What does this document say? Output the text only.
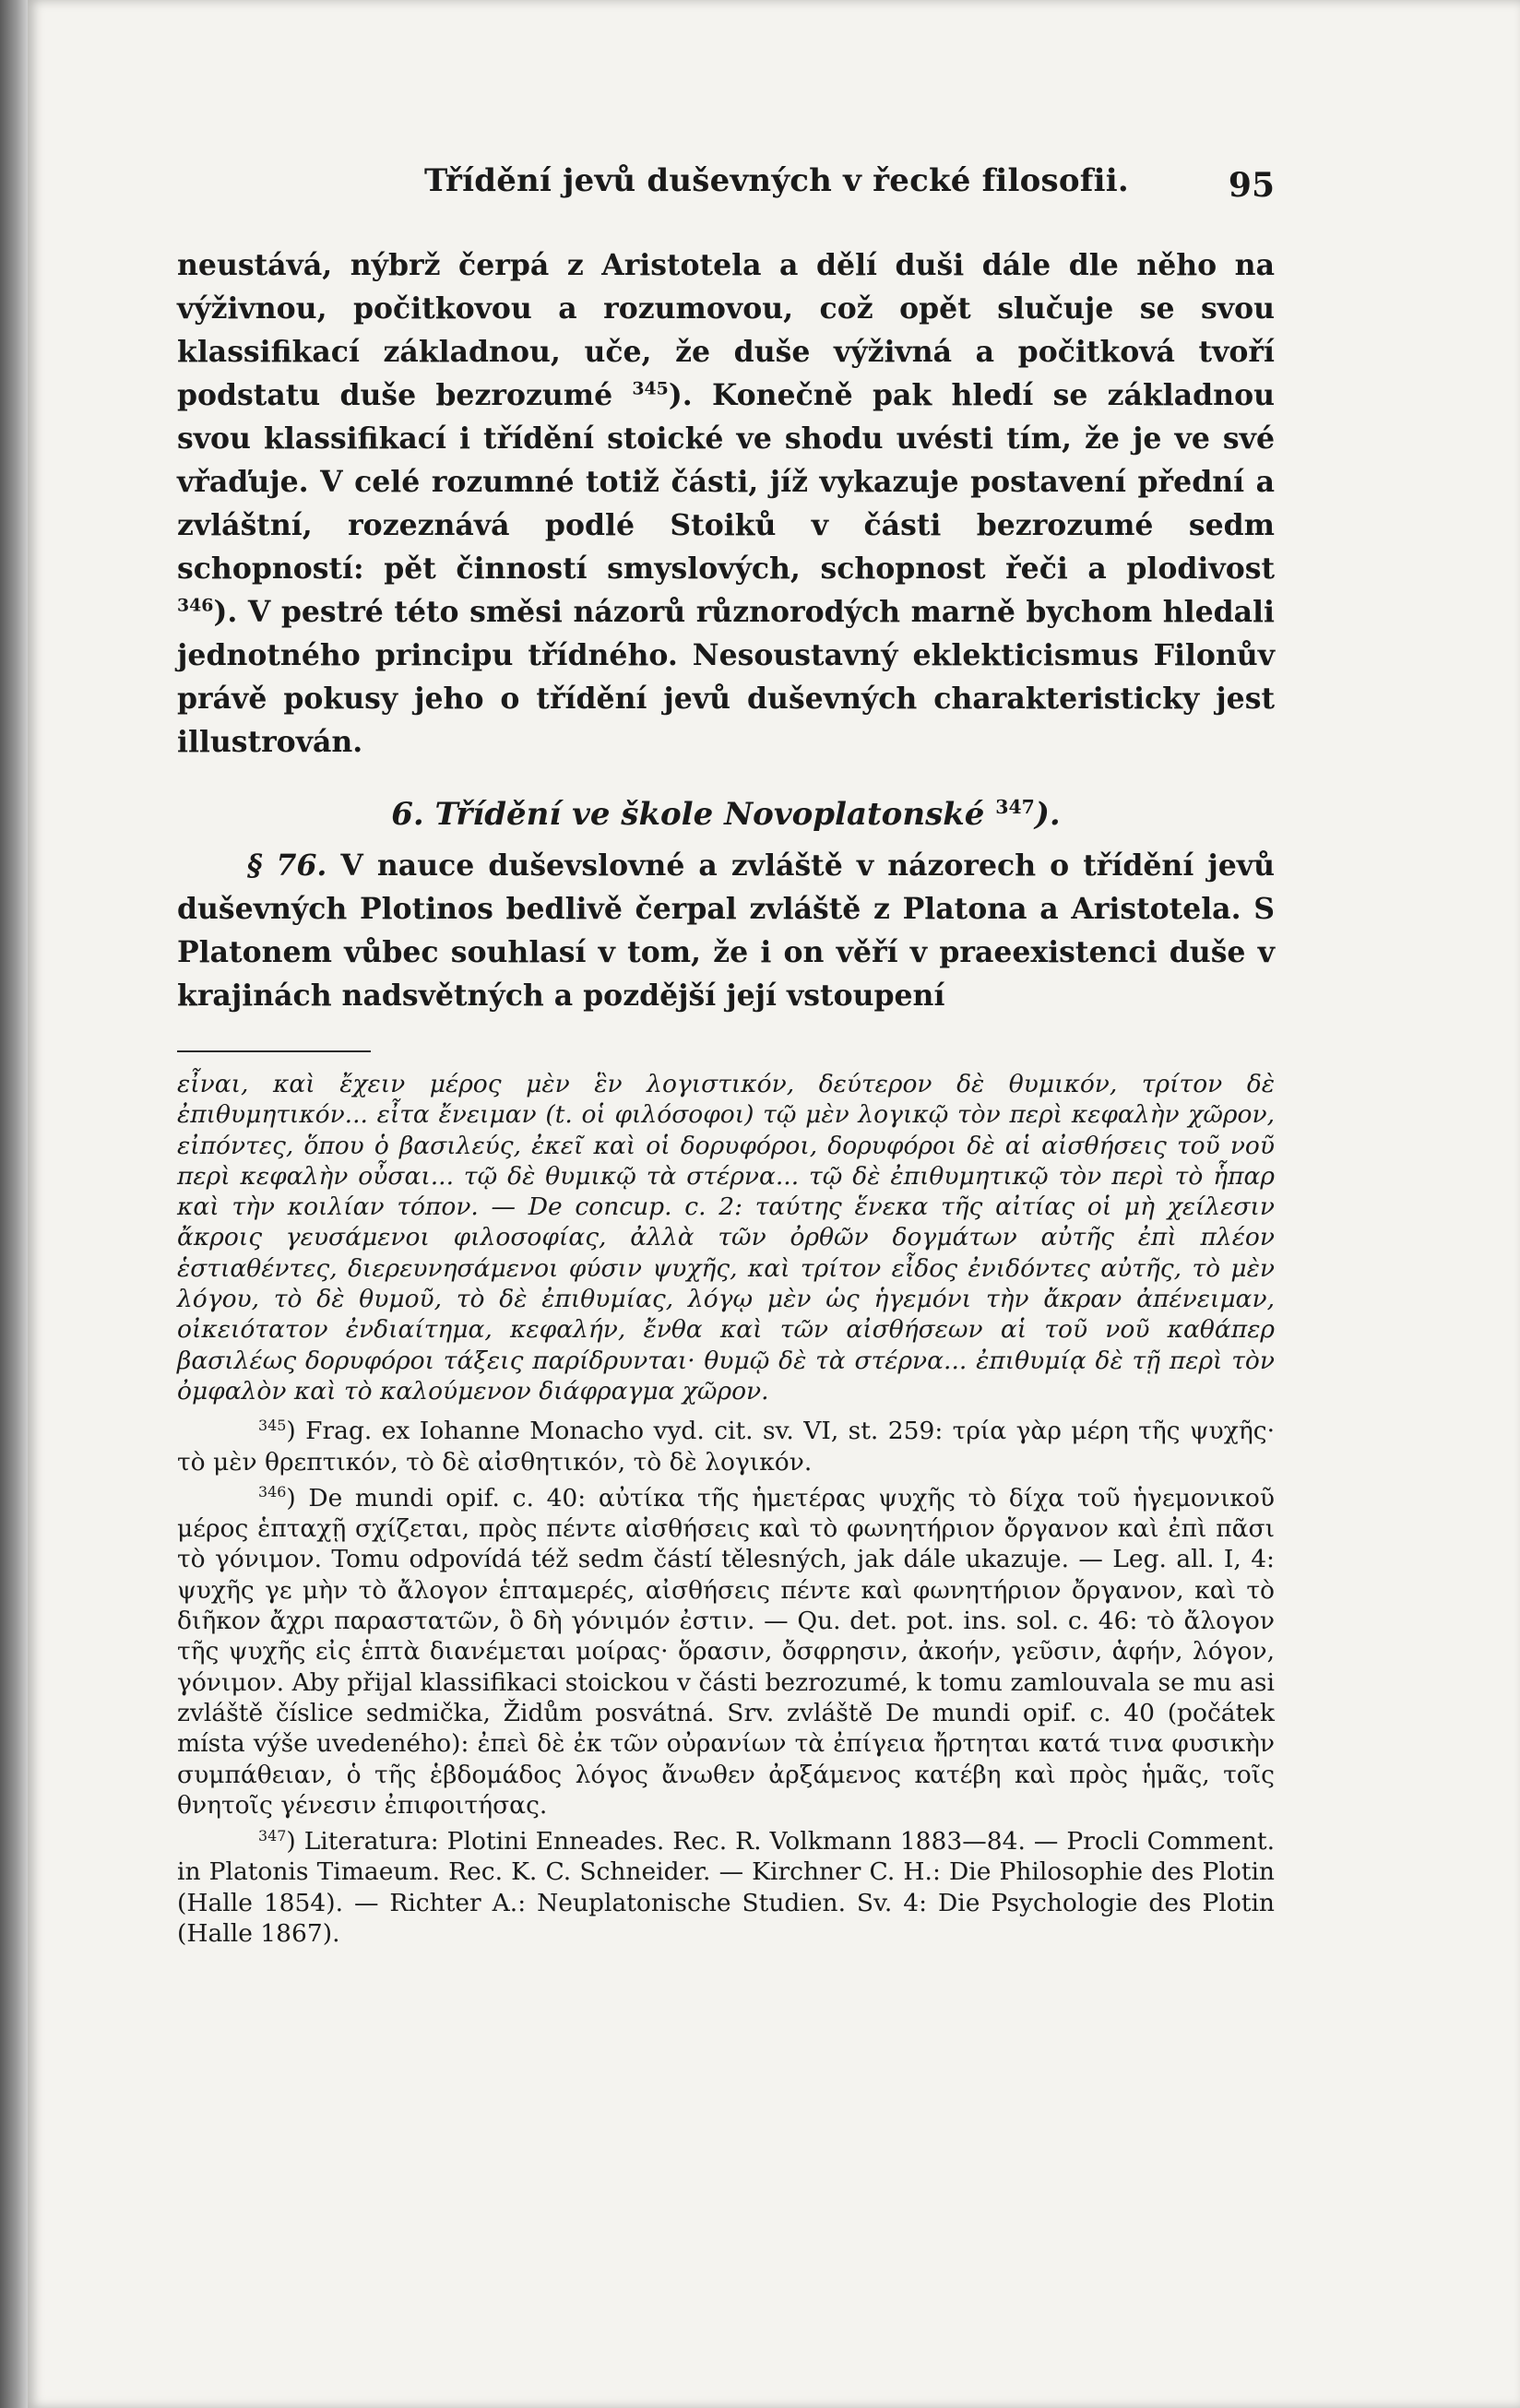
Třídění jevů duševných v řecké filosofii.	95

neustává, nýbrž čerpá z Aristotela a dělí duši dále dle něho na výživnou, počitkovou a rozumovou, což opět slučuje se svou klassifikací základnou, uče, že duše výživná a počitková tvoří podstatu duše bezrozumé $^{345}$). Konečně pak hledí se základnou svou klassifikací i třídění stoické ve shodu uvésti tím, že je ve své vřaďuje. V celé rozumné totiž části, jíž vykazuje postavení přední a zvláštní, rozeznává podlé Stoiků v části bezrozumé sedm schopností: pět činností smyslových, schopnost řeči a plodivost $^{346}$). V pestré této směsi názorů různorodých marně bychom hledali jednotného principu třídného. Nesoustavný eklekticismus Filonův právě pokusy jeho o třídění jevů duševných charakteristicky jest illustrován.

6. Třídění ve škole Novoplatonské $^{347}$).

§ 76. V nauce duševslovné a zvláště v názorech o třídění jevů duševných Plotinos bedlivě čerpal zvláště z Platona a Aristotela. S Platonem vůbec souhlasí v tom, že i on věří v praeexistenci duše v krajinách nadsvětných a pozdější její vstoupení

εἶναι, καὶ ἔχειν μέρος μὲν ἓν λογιστικόν, δεύτερον δὲ θυμικόν, τρίτον δὲ ἐπιθυμητικόν... εἶτα ἔνειμαν (t. οἱ φιλόσοφοι) τῷ μὲν λογικῷ τὸν περὶ κεφαλὴν χῶρον, εἰπόντες, ὅπου ὁ βασιλεύς, ἐκεῖ καὶ οἱ δορυφόροι, δορυφόροι δὲ αἱ αἰσθήσεις τοῦ νοῦ περὶ κεφαλὴν οὖσαι... τῷ δὲ θυμικῷ τὰ στέρνα... τῷ δὲ ἐπιθυμητικῷ τὸν περὶ τὸ ἧπαρ καὶ τὴν κοιλίαν τόπον. — De concup. c. 2: ταύτης ἕνεκα τῆς αἰτίας οἱ μὴ χείλεσιν ἄκροις γευσάμενοι φιλοσοφίας, ἀλλὰ τῶν ὀρθῶν δογμάτων αὐτῆς ἐπὶ πλέον ἑστιαθέντες, διερευνησάμενοι φύσιν ψυχῆς, καὶ τρίτον εἶδος ἐνιδόντες αὐτῆς, τὸ μὲν λόγου, τὸ δὲ θυμοῦ, τὸ δὲ ἐπιθυμίας, λόγῳ μὲν ὡς ἡγεμόνι τὴν ἄκραν ἀπένειμαν, οἰκειότατον ἐνδιαίτημα, κεφαλήν, ἔνθα καὶ τῶν αἰσθήσεων αἱ τοῦ νοῦ καθάπερ βασιλέως δορυφόροι τάξεις παρίδρυνται· θυμῷ δὲ τὰ στέρνα... ἐπιθυμίᾳ δὲ τῇ περὶ τὸν ὀμφαλὸν καὶ τὸ καλούμενον διάφραγμα χῶρον.

$^{345}$) Frag. ex Iohanne Monacho vyd. cit. sv. VI, st. 259: τρία γὰρ μέρη τῆς ψυχῆς· τὸ μὲν θρεπτικόν, τὸ δὲ αἰσθητικόν, τὸ δὲ λογικόν.

$^{346}$) De mundi opif. c. 40: αὐτίκα τῆς ἡμετέρας ψυχῆς τὸ δίχα τοῦ ἡγεμονικοῦ μέρος ἑπταχῇ σχίζεται, πρὸς πέντε αἰσθήσεις καὶ τὸ φωνητήριον ὄργανον καὶ ἐπὶ πᾶσι τὸ γόνιμον. Tomu odpovídá též sedm částí tělesných, jak dále ukazuje. — Leg. all. I, 4: ψυχῆς γε μὴν τὸ ἄλογον ἑπταμερές, αἰσθήσεις πέντε καὶ φωνητήριον ὄργανον, καὶ τὸ διῆκον ἄχρι παραστατῶν, ὃ δὴ γόνιμόν ἐστιν. — Qu. det. pot. ins. sol. c. 46: τὸ ἄλογον τῆς ψυχῆς εἰς ἑπτὰ διανέμεται μοίρας· ὅρασιν, ὄσφρησιν, ἀκοήν, γεῦσιν, ἁφήν, λόγον, γόνιμον. Aby přijal klassifikaci stoickou v části bezrozumé, k tomu zamlouvala se mu asi zvláště číslice sedmička, Židům posvátná. Srv. zvláště De mundi opif. c. 40 (počátek místa výše uvedeného): ἐπεὶ δὲ ἐκ τῶν οὐρανίων τὰ ἐπίγεια ἤρτηται κατά τινα φυσικὴν συμπάθειαν, ὁ τῆς ἑβδομάδος λόγος ἄνωθεν ἀρξάμενος κατέβη καὶ πρὸς ἡμᾶς, τοῖς θνητοῖς γένεσιν ἐπιφοιτήσας.

$^{347}$) Literatura: Plotini Enneades. Rec. R. Volkmann 1883—84. — Procli Comment. in Platonis Timaeum. Rec. K. C. Schneider. — Kirchner C. H.: Die Philosophie des Plotin (Halle 1854). — Richter A.: Neuplatonische Studien. Sv. 4: Die Psychologie des Plotin (Halle 1867).
